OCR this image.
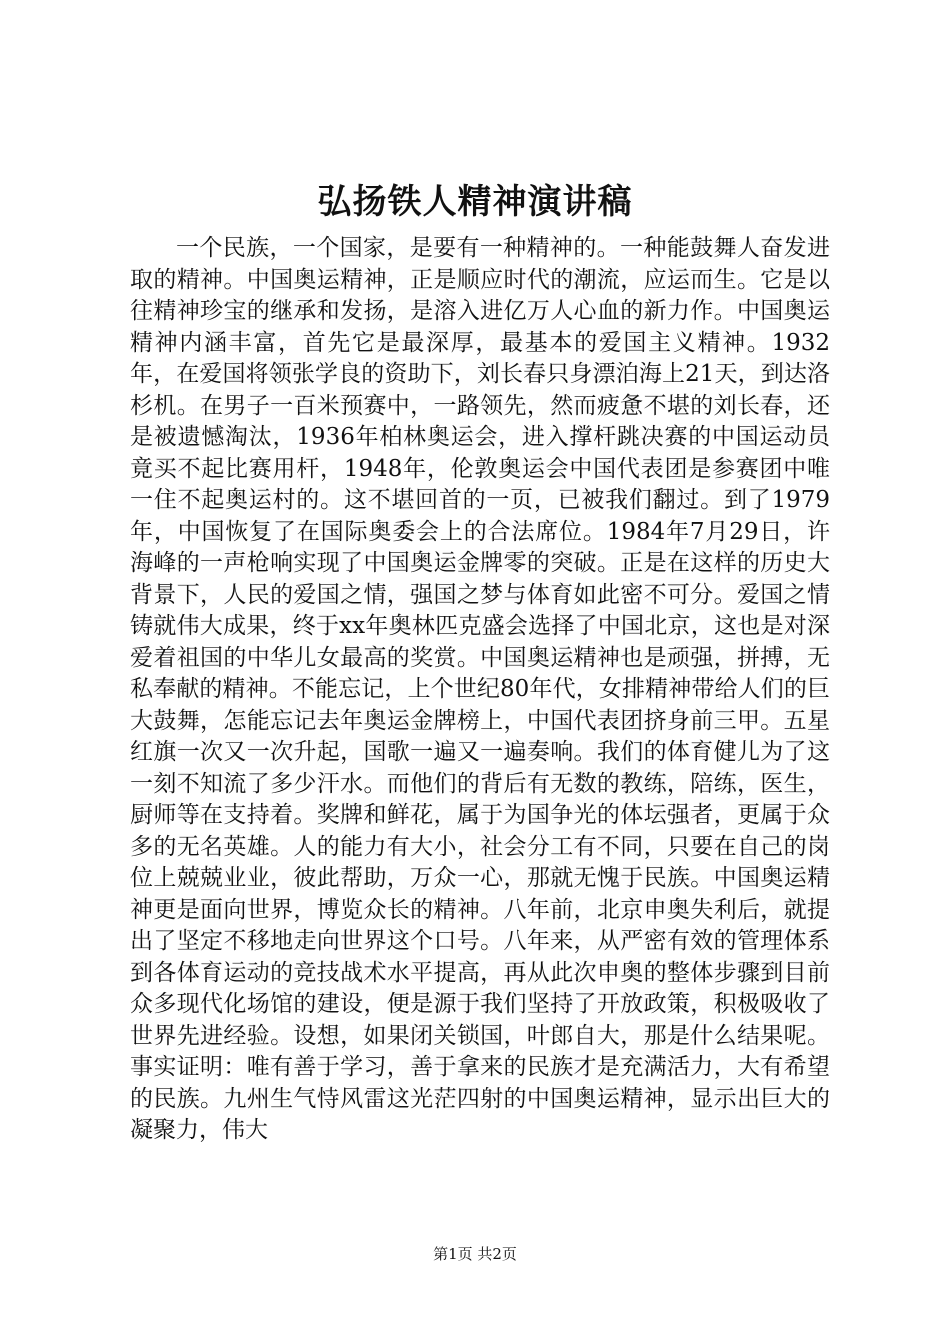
弘扬铁人精神演讲稿

一个民族，一个国家，是要有一种精神的。一种能鼓舞人奋发进取的精神。中国奥运精神，正是顺应时代的潮流，应运而生。它是以往精神珍宝的继承和发扬，是溶入进亿万人心血的新力作。中国奥运精神内涵丰富，首先它是最深厚，最基本的爱国主义精神。1932年，在爱国将领张学良的资助下，刘长春只身漂泊海上21天，到达洛杉机。在男子一百米预赛中，一路领先，然而疲惫不堪的刘长春，还是被遗憾淘汰，1936年柏林奥运会，进入撑杆跳决赛的中国运动员竟买不起比赛用杆，1948年，伦敦奥运会中国代表团是参赛团中唯一住不起奥运村的。这不堪回首的一页，已被我们翻过。到了1979年，中国恢复了在国际奥委会上的合法席位。1984年7月29日，许海峰的一声枪响实现了中国奥运金牌零的突破。正是在这样的历史大背景下，人民的爱国之情，强国之梦与体育如此密不可分。爱国之情铸就伟大成果，终于xx年奥林匹克盛会选择了中国北京，这也是对深爱着祖国的中华儿女最高的奖赏。中国奥运精神也是顽强，拼搏，无私奉献的精神。不能忘记，上个世纪80年代，女排精神带给人们的巨大鼓舞，怎能忘记去年奥运金牌榜上，中国代表团挤身前三甲。五星红旗一次又一次升起，国歌一遍又一遍奏响。我们的体育健儿为了这一刻不知流了多少汗水。而他们的背后有无数的教练，陪练，医生，厨师等在支持着。奖牌和鲜花，属于为国争光的体坛强者，更属于众多的无名英雄。人的能力有大小，社会分工有不同，只要在自己的岗位上兢兢业业，彼此帮助，万众一心，那就无愧于民族。中国奥运精神更是面向世界，博览众长的精神。八年前，北京申奥失利后，就提出了坚定不移地走向世界这个口号。八年来，从严密有效的管理体系到各体育运动的竞技战术水平提高，再从此次申奥的整体步骤到目前众多现代化场馆的建设，便是源于我们坚持了开放政策，积极吸收了世界先进经验。设想，如果闭关锁国，叶郎自大，那是什么结果呢。事实证明：唯有善于学习，善于拿来的民族才是充满活力，大有希望的民族。九州生气恃风雷这光茫四射的中国奥运精神，显示出巨大的凝聚力，伟大

第1页 共2页
